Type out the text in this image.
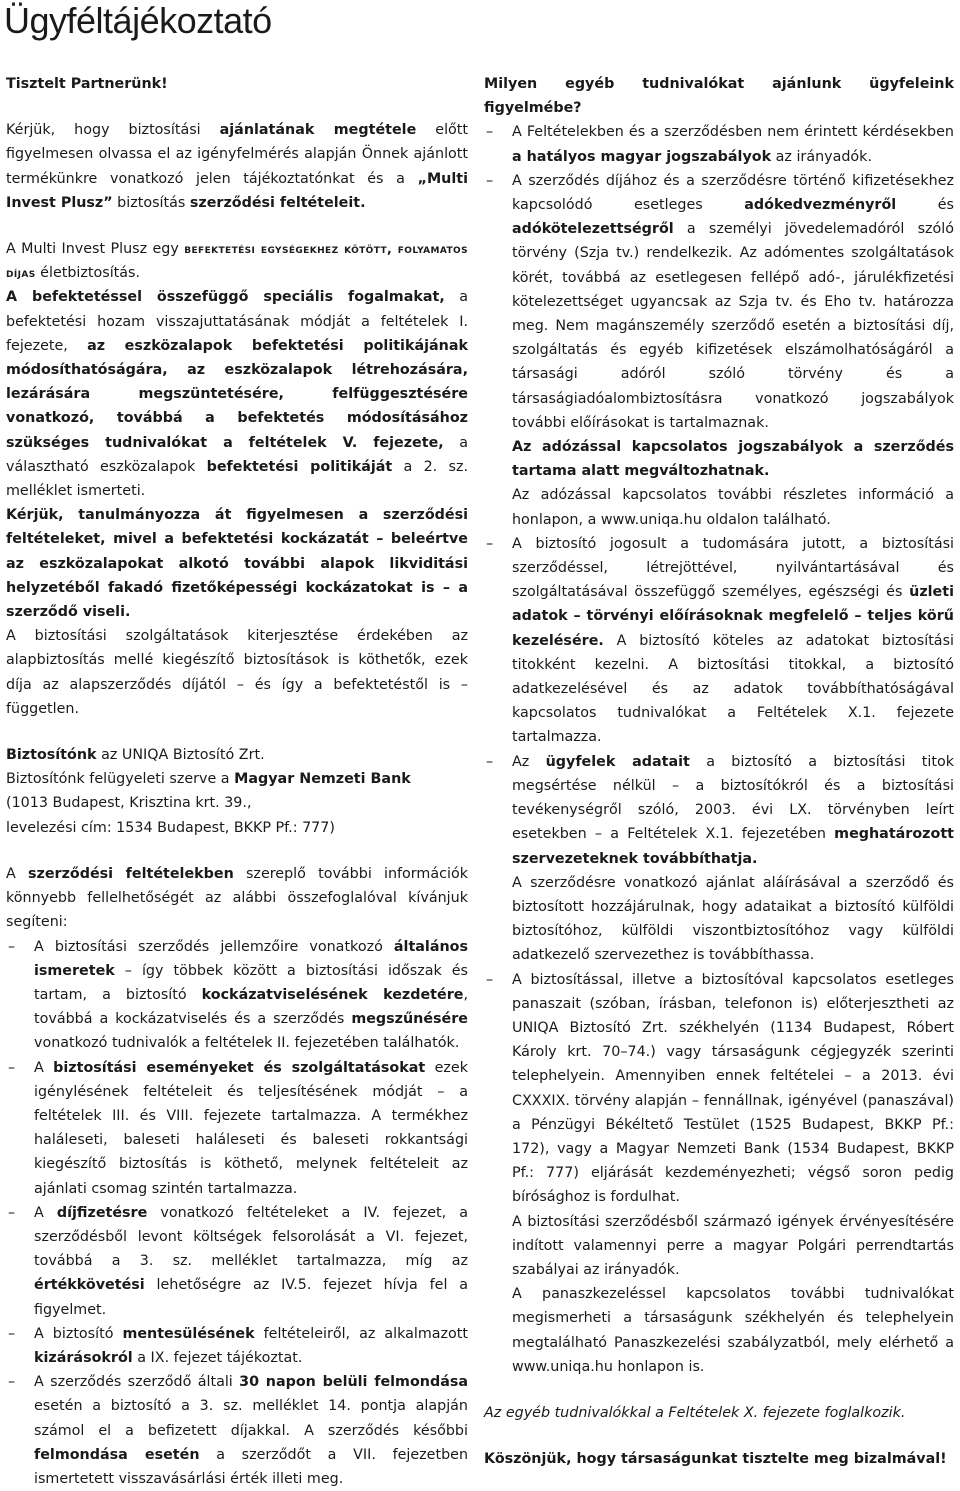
Ügyféltájékoztató

Tisztelt Partnerünk!

Kérjük, hogy biztosítási ajánlatának megtétele előtt figyelmesen olvassa el az igényfelmérés alapján Önnek ajánlott termékünkre vonatkozó jelen tájékoztatónkat és a „Multi Invest Plusz” biztosítás szerződési feltételeit.

A Multi Invest Plusz egy befektetési egységekhez kötött, folyamatos díjas életbiztosítás.

A befektetéssel összefüggő speciális fogalmakat, a befektetési hozam visszajuttatásának módját a feltételek I. fejezete, az eszközalapok befektetési politikájának módosíthatóságára, az eszközalapok létrehozására, lezárására megszüntetésére, felfüggesztésére vonatkozó, továbbá a befektetés módosításához szükséges tudnivalókat a feltételek V. fejezete, a választható eszközalapok befektetési politikáját a 2. sz. melléklet ismerteti.

Kérjük, tanulmányozza át figyelmesen a szerződési feltételeket, mivel a befektetési kockázatát – beleértve az eszközalapokat alkotó további alapok likviditási helyzetéből fakadó fizetőképességi kockázatokat is – a szerződő viseli.

A biztosítási szolgáltatások kiterjesztése érdekében az alapbiztosítás mellé kiegészítő biztosítások is köthetők, ezek díja az alapszerződés díjától – és így a befektetéstől is – független.

Biztosítónk az UNIQA Biztosító Zrt.
Biztosítónk felügyeleti szerve a Magyar Nemzeti Bank
(1013 Budapest, Krisztina krt. 39.,
levelezési cím: 1534 Budapest, BKKP Pf.: 777)

A szerződési feltételekben szereplő további információk könnyebb fellelhetőségét az alábbi összefoglalóval kívánjuk segíteni:

– A biztosítási szerződés jellemzőire vonatkozó általános ismeretek – így többek között a biztosítási időszak és tartam, a biztosító kockázatviselésének kezdetére, továbbá a kockázatviselés és a szerződés megszűnésére vonatkozó tudnivalók a feltételek II. fejezetében találhatók.

– A biztosítási eseményeket és szolgáltatásokat ezek igénylésének feltételeit és teljesítésének módját – a feltételek III. és VIII. fejezete tartalmazza. A termékhez haláleseti, baleseti haláleseti és baleseti rokkantsági kiegészítő biztosítás is köthető, melynek feltételeit az ajánlati csomag szintén tartalmazza.

– A díjfizetésre vonatkozó feltételeket a IV. fejezet, a szerződésből levont költségek felsorolását a VI. fejezet, továbbá a 3. sz. melléklet tartalmazza, míg az értékkövetési lehetőségre az IV.5. fejezet hívja fel a figyelmet.

– A biztosító mentesülésének feltételeiről, az alkalmazott kizárásokról a IX. fejezet tájékoztat.

– A szerződés szerződő általi 30 napon belüli felmondása esetén a biztosító a 3. sz. melléklet 14. pontja alapján számol el a befizetett díjakkal. A szerződés későbbi felmondása esetén a szerződőt a VII. fejezetben ismertetett visszavásárlási érték illeti meg.

Milyen egyéb tudnivalókat ajánlunk ügyfeleink figyelmébe?

– A Feltételekben és a szerződésben nem érintett kérdésekben a hatályos magyar jogszabályok az irányadók.

– A szerződés díjához és a szerződésre történő kifizetésekhez kapcsolódó esetleges adókedvezményről és adókötelezettségről a személyi jövedelemadóról szóló törvény (Szja tv.) rendelkezik. Az adómentes szolgáltatások körét, továbbá az esetlegesen fellépő adó-, járulékfizetési kötelezettséget ugyancsak az Szja tv. és Eho tv. határozza meg. Nem magánszemély szerződő esetén a biztosítási díj, szolgáltatás és egyéb kifizetések elszámolhatóságáról a társasági adóról szóló törvény és a társaságiadóalombiztosításra vonatkozó jogszabályok további előírásokat is tartalmaznak.

Az adózással kapcsolatos jogszabályok a szerződés tartama alatt megváltozhatnak.

Az adózással kapcsolatos további részletes információ a honlapon, a www.uniqa.hu oldalon található.

– A biztosító jogosult a tudomására jutott, a biztosítási szerződéssel, létrejöttével, nyilvántartásával és szolgáltatásával összefüggő személyes, egészségi és üzleti adatok – törvényi előírásoknak megfelelő – teljes körű kezelésére. A biztosító köteles az adatokat biztosítási titokként kezelni. A biztosítási titokkal, a biztosító adatkezelésével és az adatok továbbíthatóságával kapcsolatos tudnivalókat a Feltételek X.1. fejezete tartalmazza.

– Az ügyfelek adatait a biztosító a biztosítási titok megsértése nélkül – a biztosítókról és a biztosítási tevékenységről szóló, 2003. évi LX. törvényben leírt esetekben – a Feltételek X.1. fejezetében meghatározott szervezeteknek továbbíthatja.

A szerződésre vonatkozó ajánlat aláírásával a szerződő és biztosított hozzájárulnak, hogy adataikat a biztosító külföldi biztosítóhoz, külföldi viszontbiztosítóhoz vagy külföldi adatkezelő szervezethez is továbbíthassa.

– A biztosítással, illetve a biztosítóval kapcsolatos esetleges panaszait (szóban, írásban, telefonon is) előterjesztheti az UNIQA Biztosító Zrt. székhelyén (1134 Budapest, Róbert Károly krt. 70–74.) vagy társaságunk cégjegyzék szerinti telephelyein. Amennyiben ennek feltételei – a 2013. évi CXXXIX. törvény alapján – fennállnak, igényével (panaszával) a Pénzügyi Békéltető Testület (1525 Budapest, BKKP Pf.: 172), vagy a Magyar Nemzeti Bank (1534 Budapest, BKKP Pf.: 777) eljárását kezdeményezheti; végső soron pedig bírósághoz is fordulhat.

A biztosítási szerződésből származó igények érvényesítésére indított valamennyi perre a magyar Polgári perrendtartás szabályai az irányadók.

A panaszkezeléssel kapcsolatos további tudnivalókat megismerheti a társaságunk székhelyén és telephelyein megtalálható Panaszkezelési szabályzatból, mely elérhető a www.uniqa.hu honlapon is.

Az egyéb tudnivalókkal a Feltételek X. fejezete foglalkozik.

Köszönjük, hogy társaságunkat tisztelte meg bizalmával!
